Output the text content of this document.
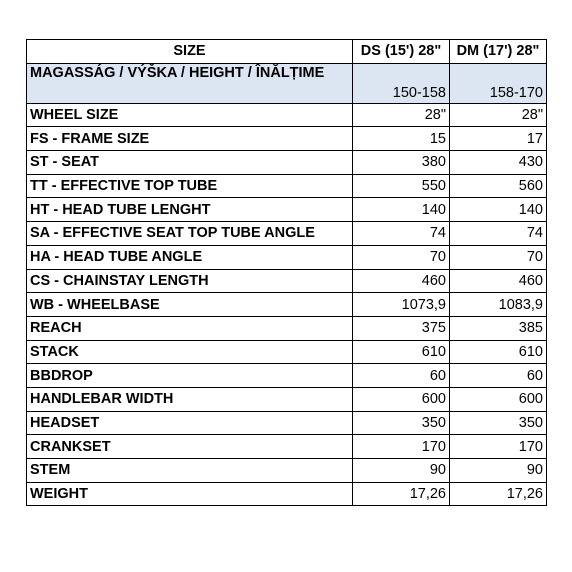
SIZE	DS (15') 28"	DM (17') 28"
MAGASSÁG / VÝŠKA / HEIGHT / ÎNĂLȚIME	150-158	158-170
WHEEL SIZE	28"	28"
FS - FRAME SIZE	15	17
ST - SEAT	380	430
TT - EFFECTIVE TOP TUBE	550	560
HT - HEAD TUBE LENGHT	140	140
SA - EFFECTIVE SEAT TOP TUBE ANGLE	74	74
HA - HEAD TUBE ANGLE	70	70
CS - CHAINSTAY LENGTH	460	460
WB - WHEELBASE	1073,9	1083,9
REACH	375	385
STACK	610	610
BBDROP	60	60
HANDLEBAR WIDTH	600	600
HEADSET	350	350
CRANKSET	170	170
STEM	90	90
WEIGHT	17,26	17,26
